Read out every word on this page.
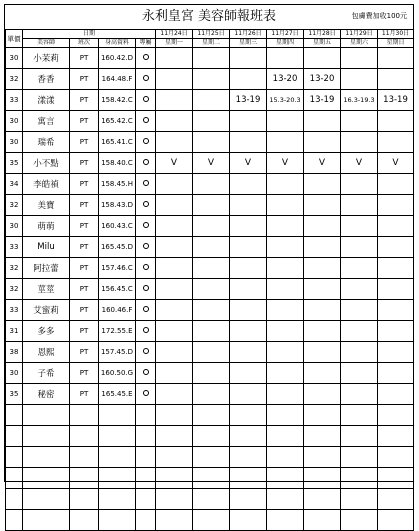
永利皇宮 美容師報班表	包膚費加收100元
單價	日期				11月24日	11月25日	11月26日	11月27日	11月28日	11月29日	11月30日
	美容師	班次	身高資料	專屬	星期一	星期二	星期三	星期四	星期五	星期六	星期日
30	小茉莉	PT	160.42.D								
32	香香	PT	164.48.F					13-20	13-20		
33	漾漾	PT	158.42.C				13-19	15.3-20.3	13-19	16.3-19.3	13-19
30	寓言	PT	165.42.C								
30	瑞希	PT	165.41.C								
35	小不點	PT	158.40.C		V	V	V	V	V	V	V
34	李皓禎	PT	158.45.H								
32	美寶	PT	158.43.D								
30	萌萌	PT	160.43.C								
33	Milu	PT	165.45.D								
32	阿拉蕾	PT	157.46.C								
32	莖莖	PT	156.45.C								
33	艾蜜莉	PT	160.46.F								
31	多多	PT	172.55.E								
38	恩熙	PT	157.45.D								
30	子希	PT	160.50.G								
35	秘密	PT	165.45.E								
